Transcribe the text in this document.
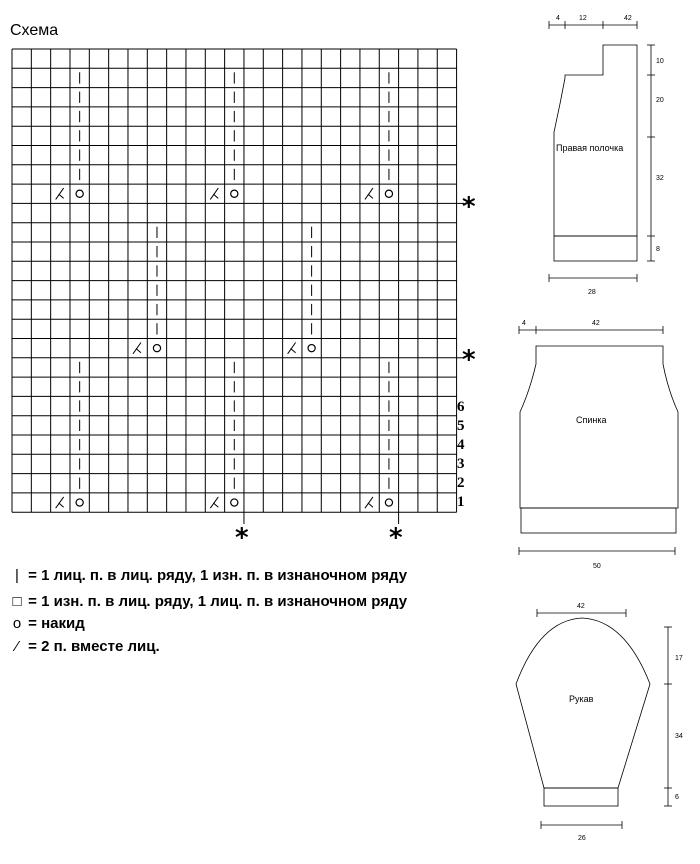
Схема
6
5
4
3
2
1
*
*
*	*
| = 1 лиц. п. в лиц. ряду, 1 изн. п. в изнаночном ряду
□ = 1 изн. п. в лиц. ряду, 1 лиц. п. в изнаночном ряду
o = накид
⁄ = 2 п. вместе лиц.
4	12	42
10
20
32
8
28
Правая полочка
4	42
50
Спинка
42
17
34
6
26
Рукав
